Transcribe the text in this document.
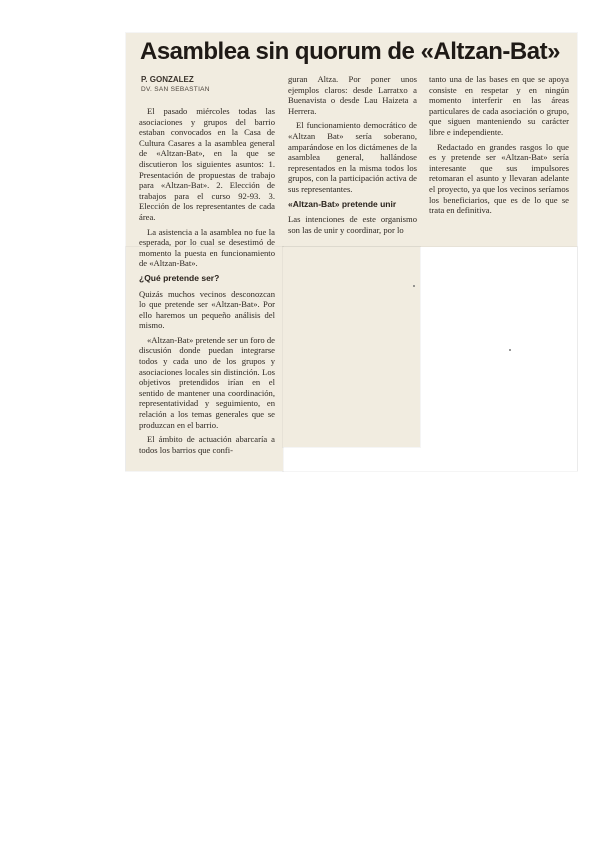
Asamblea sin quorum de «Altzan-Bat»
P. GONZALEZ
DV. SAN SEBASTIAN

El pasado miércoles todas las asociaciones y grupos del barrio estaban convocados en la Casa de Cultura Casares a la asamblea general de «Altzan-Bat», en la que se discutieron los siguientes asuntos: 1. Presentación de propuestas de trabajo para «Altzan-Bat». 2. Elección de trabajos para el curso 92-93. 3. Elección de los representantes de cada área.

La asistencia a la asamblea no fue la esperada, por lo cual se desestimó de momento la puesta en funcionamiento de «Altzan-Bat».

¿Qué pretende ser?

Quizás muchos vecinos desconozcan lo que pretende ser «Altzan-Bat». Por ello haremos un pequeño análisis del mismo.

«Altzan-Bat» pretende ser un foro de discusión donde puedan integrarse todos y cada uno de los grupos y asociaciones locales sin distinción. Los objetivos pretendidos irían en el sentido de mantener una coordinación, representatividad y seguimiento, en relación a los temas generales que se produzcan en el barrio.

El ámbito de actuación abarcaría a todos los barrios que confi-

guran Altza. Por poner unos ejemplos claros: desde Larratxo a Buenavista o desde Lau Haizeta a Herrera.

El funcionamiento democrático de «Altzan Bat» sería soberano, amparándose en los dictámenes de la asamblea general, hallándose representados en la misma todos los grupos, con la participación activa de sus representantes.

«Altzan-Bat» pretende unir

Las intenciones de este organismo son las de unir y coordinar, por lo

tanto una de las bases en que se apoya consiste en respetar y en ningún momento interferir en las áreas particulares de cada asociación o grupo, que siguen manteniendo su carácter libre e independiente.

Redactado en grandes rasgos lo que es y pretende ser «Altzan-Bat» sería interesante que sus impulsores retomaran el asunto y llevaran adelante el proyecto, ya que los vecinos seríamos los beneficiarios, que es de lo que se trata en definitiva.
